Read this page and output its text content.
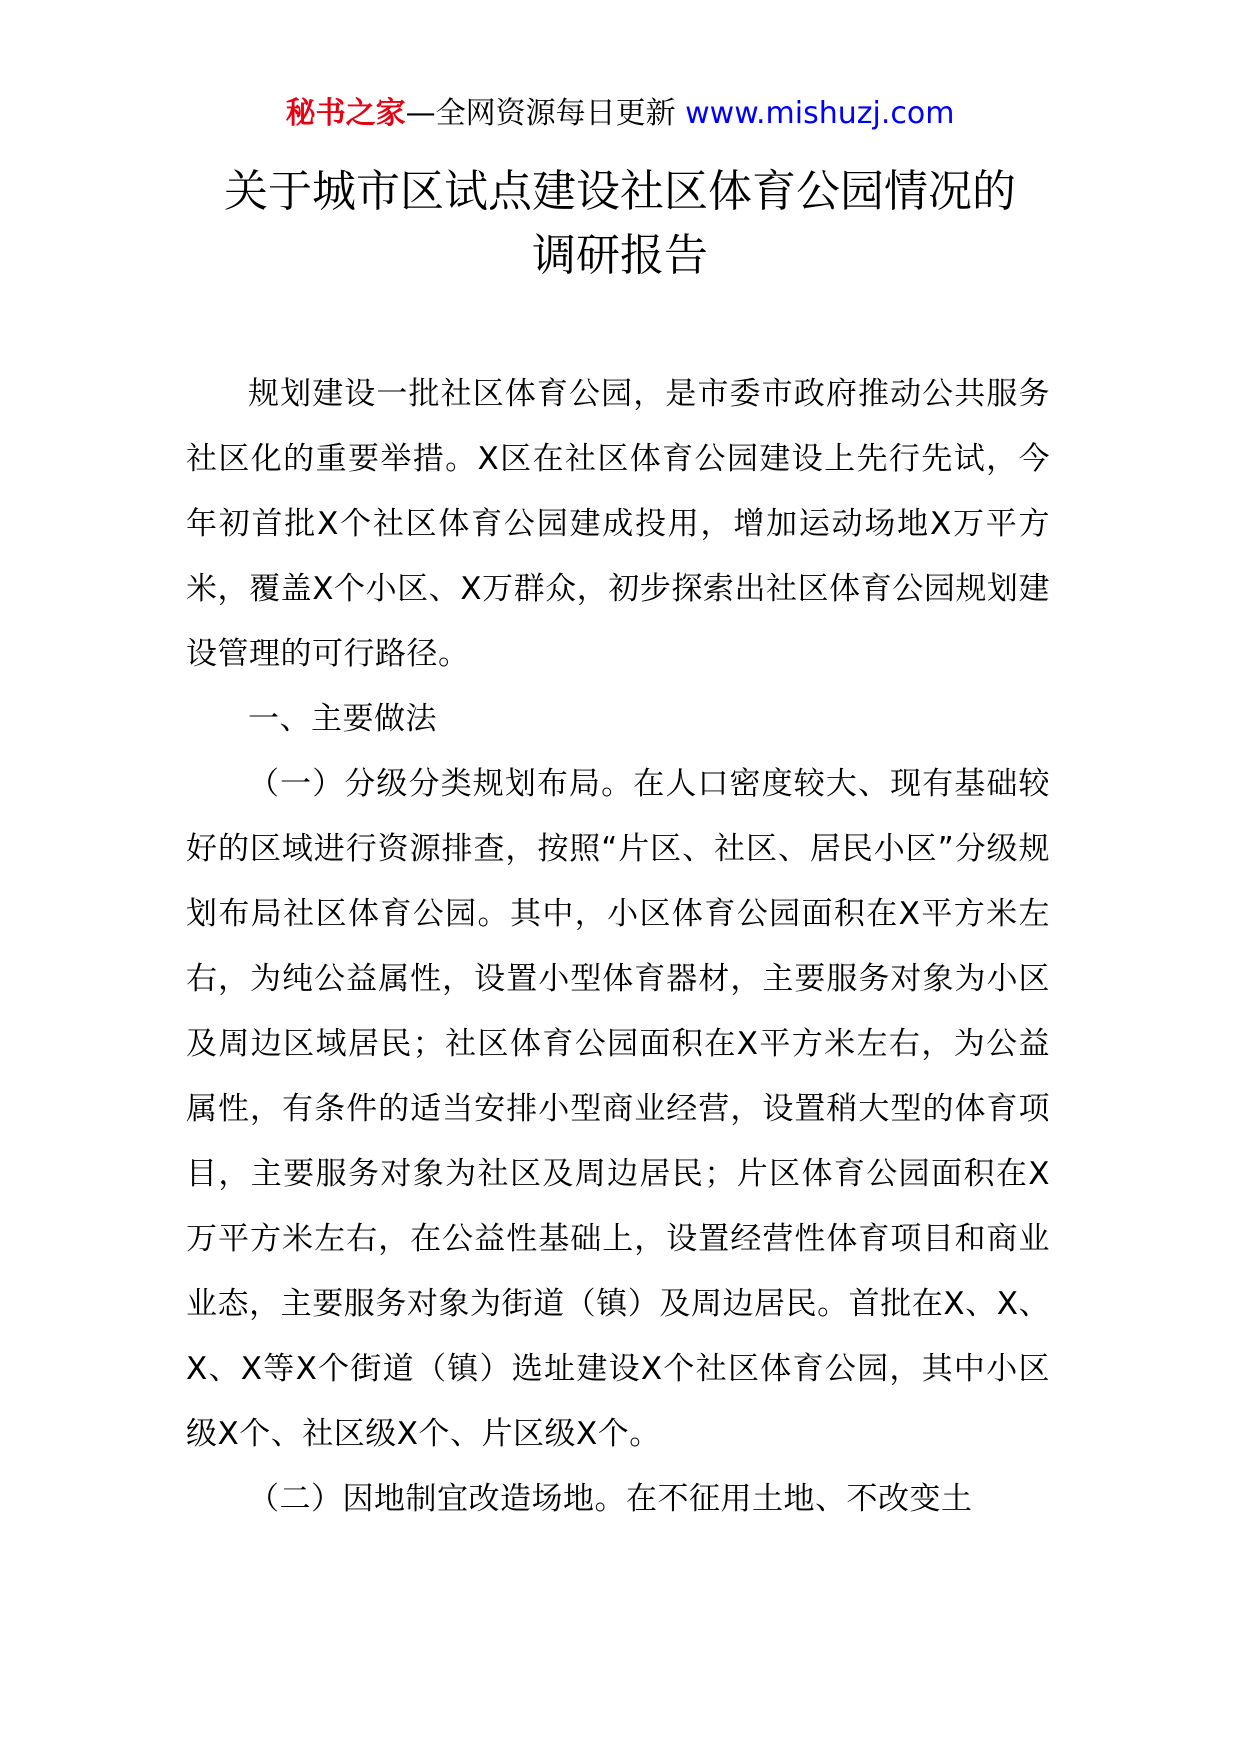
秘书之家—全网资源每日更新 www.mishuzj.com
关于城市区试点建设社区体育公园情况的
调研报告

规划建设一批社区体育公园，是市委市政府推动公共服务社区化的重要举措。X区在社区体育公园建设上先行先试，今年初首批X个社区体育公园建成投用，增加运动场地X万平方米，覆盖X个小区、X万群众，初步探索出社区体育公园规划建设管理的可行路径。

一、主要做法

（一）分级分类规划布局。在人口密度较大、现有基础较好的区域进行资源排查，按照“片区、社区、居民小区”分级规划布局社区体育公园。其中，小区体育公园面积在X平方米左右，为纯公益属性，设置小型体育器材，主要服务对象为小区及周边区域居民；社区体育公园面积在X平方米左右，为公益属性，有条件的适当安排小型商业经营，设置稍大型的体育项目，主要服务对象为社区及周边居民；片区体育公园面积在X万平方米左右，在公益性基础上，设置经营性体育项目和商业业态，主要服务对象为街道（镇）及周边居民。首批在X、X、X、X等X个街道（镇）选址建设X个社区体育公园，其中小区级X个、社区级X个、片区级X个。

（二）因地制宜改造场地。在不征用土地、不改变土
